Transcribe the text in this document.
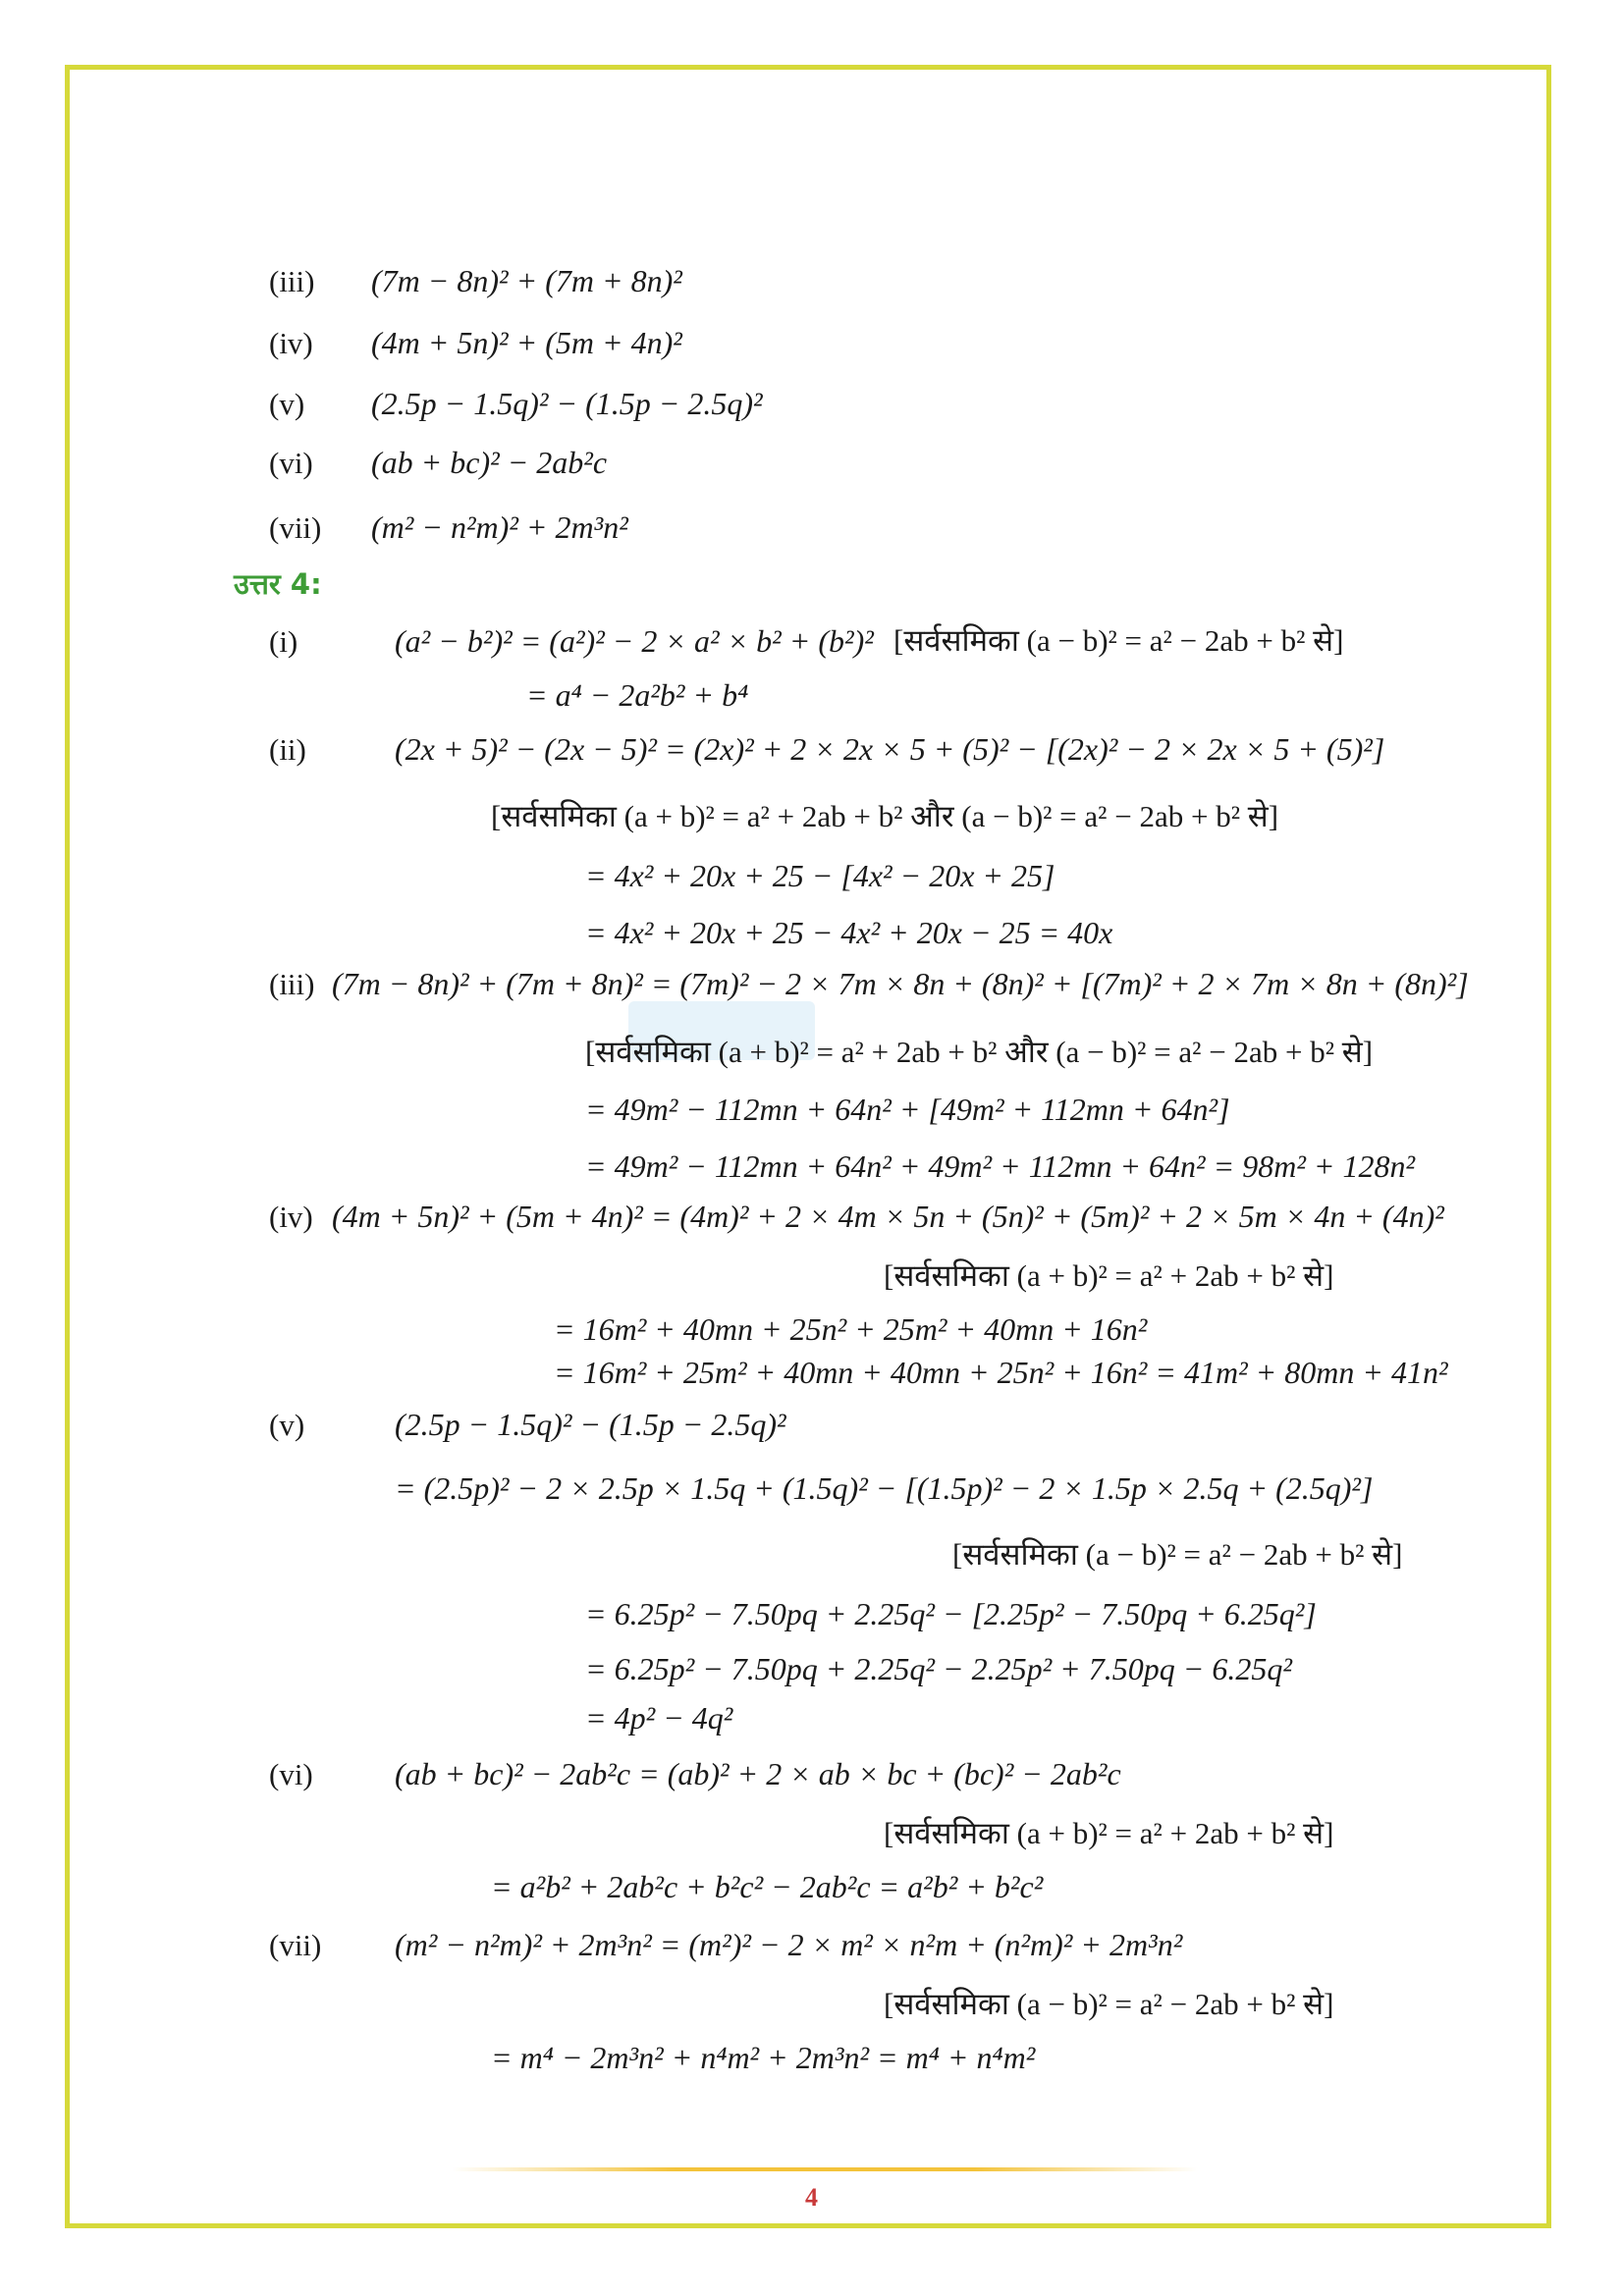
(iii) (7m − 8n)² + (7m + 8n)²
(iv) (4m + 5n)² + (5m + 4n)²
(v) (2.5p − 1.5q)² − (1.5p − 2.5q)²
(vi) (ab + bc)² − 2ab²c
(vii) (m² − n²m)² + 2m³n²
उत्तर 4:
(i)	(a² − b²)² = (a²)² − 2 × a² × b² + (b²)² [सर्वसमिका (a − b)² = a² − 2ab + b² से]
= a⁴ − 2a²b² + b⁴
(ii)	(2x + 5)² − (2x − 5)² = (2x)² + 2 × 2x × 5 + (5)² − [(2x)² − 2 × 2x × 5 + (5)²]
[सर्वसमिका (a + b)² = a² + 2ab + b² और (a − b)² = a² − 2ab + b² से]
= 4x² + 20x + 25 − [4x² − 20x + 25]
= 4x² + 20x + 25 − 4x² + 20x − 25 = 40x
(iii) (7m − 8n)² + (7m + 8n)² = (7m)² − 2 × 7m × 8n + (8n)² + [(7m)² + 2 × 7m × 8n + (8n)²]
[सर्वसमिका (a + b)² = a² + 2ab + b² और (a − b)² = a² − 2ab + b² से]
= 49m² − 112mn + 64n² + [49m² + 112mn + 64n²]
= 49m² − 112mn + 64n² + 49m² + 112mn + 64n² = 98m² + 128n²
(iv) (4m + 5n)² + (5m + 4n)² = (4m)² + 2 × 4m × 5n + (5n)² + (5m)² + 2 × 5m × 4n + (4n)²
[सर्वसमिका (a + b)² = a² + 2ab + b² से]
= 16m² + 40mn + 25n² + 25m² + 40mn + 16n²
= 16m² + 25m² + 40mn + 40mn + 25n² + 16n² = 41m² + 80mn + 41n²
(v)	(2.5p − 1.5q)² − (1.5p − 2.5q)²
= (2.5p)² − 2 × 2.5p × 1.5q + (1.5q)² − [(1.5p)² − 2 × 1.5p × 2.5q + (2.5q)²]
[सर्वसमिका (a − b)² = a² − 2ab + b² से]
= 6.25p² − 7.50pq + 2.25q² − [2.25p² − 7.50pq + 6.25q²]
= 6.25p² − 7.50pq + 2.25q² − 2.25p² + 7.50pq − 6.25q²
= 4p² − 4q²
(vi)	(ab + bc)² − 2ab²c = (ab)² + 2 × ab × bc + (bc)² − 2ab²c
[सर्वसमिका (a + b)² = a² + 2ab + b² से]
= a²b² + 2ab²c + b²c² − 2ab²c = a²b² + b²c²
(vii) (m² − n²m)² + 2m³n² = (m²)² − 2 × m² × n²m + (n²m)² + 2m³n²
[सर्वसमिका (a − b)² = a² − 2ab + b² से]
= m⁴ − 2m³n² + n⁴m² + 2m³n² = m⁴ + n⁴m²
4
